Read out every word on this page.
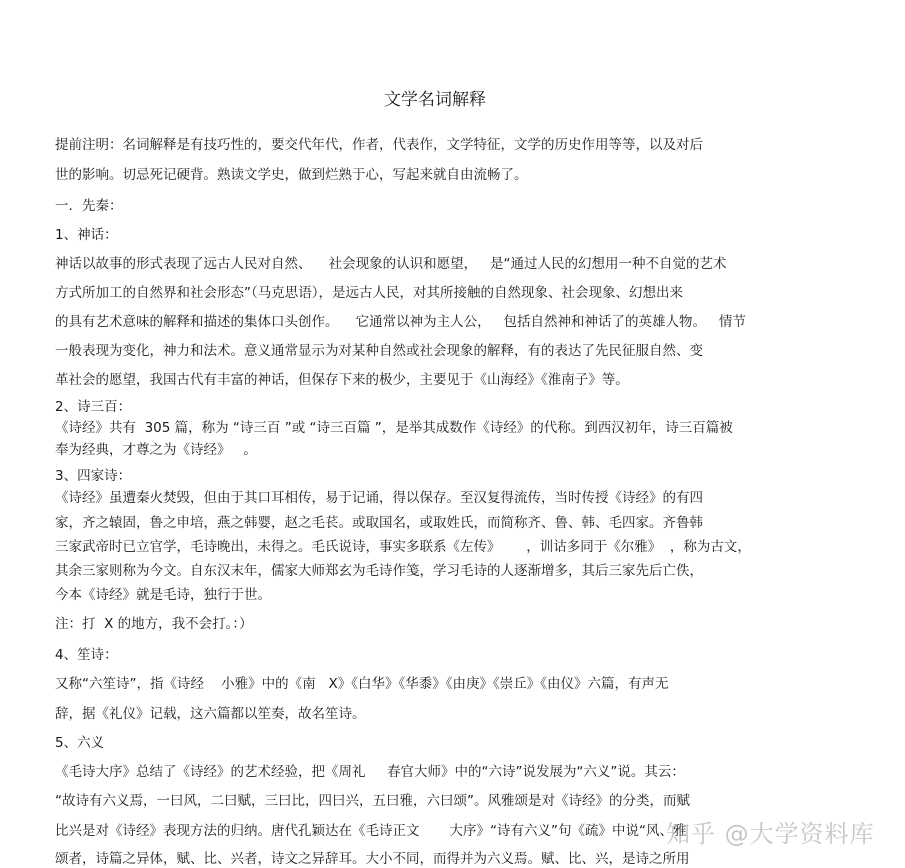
文学名词解释
提前注明：名词解释是有技巧性的，要交代年代，作者，代表作，文学特征，文学的历史作用等等，以及对后
世的影响。切忌死记硬背。熟读文学史，做到烂熟于心，写起来就自由流畅了。
一．先秦：
1、神话：
神话以故事的形式表现了远古人民对自然、    社会现象的认识和愿望，   是“通过人民的幻想用一种不自觉的艺术
方式所加工的自然界和社会形态”（马克思语），是远古人民，对其所接触的自然现象、社会现象、幻想出来
的具有艺术意味的解释和描述的集体口头创作。    它通常以神为主人公，   包括自然神和神话了的英雄人物。   情节
一般表现为变化，神力和法术。意义通常显示为对某种自然或社会现象的解释，有的表达了先民征服自然、变
革社会的愿望，我国古代有丰富的神话，但保存下来的极少，主要见于《山海经》《淮南子》等。
2、诗三百：
《诗经》共有  305 篇，称为 “诗三百 ”或 “诗三百篇 ”，是举其成数作《诗经》的代称。到西汉初年，诗三百篇被
奉为经典，才尊之为《诗经》   。
3、四家诗：
《诗经》虽遭秦火焚毁，但由于其口耳相传，易于记诵，得以保存。至汉复得流传，当时传授《诗经》的有四
家，齐之辕固，鲁之申培，燕之韩婴，赵之毛苌。或取国名，或取姓氏，而简称齐、鲁、韩、毛四家。齐鲁韩
三家武帝时已立官学，毛诗晚出，未得之。毛氏说诗，事实多联系《左传》      ，训诂多同于《尔雅》  ，称为古文，
其余三家则称为今文。自东汉末年，儒家大师郑玄为毛诗作笺，学习毛诗的人逐渐增多，其后三家先后亡佚，
今本《诗经》就是毛诗，独行于世。
注：打  X 的地方，我不会打。：）
4、笙诗：
又称“六笙诗”，指《诗经    小雅》中的《南   X》《白华》《华黍》《由庚》《崇丘》《由仪》六篇，有声无
辞，据《礼仪》记载，这六篇都以笙奏，故名笙诗。
5、六义
《毛诗大序》总结了《诗经》的艺术经验，把《周礼     春官大师》中的“六诗”说发展为“六义”说。其云：
“故诗有六义焉，一曰风，二曰赋，三曰比，四曰兴，五曰雅，六曰颂”。风雅颂是对《诗经》的分类，而赋
比兴是对《诗经》表现方法的归纳。唐代孔颖达在《毛诗正文       大序》“诗有六义”句《疏》中说“风、雅
颂者，诗篇之异体，赋、比、兴者，诗文之异辞耳。大小不同，而得并为六义焉。赋、比、兴，是诗之所用
知乎 @大学资料库
